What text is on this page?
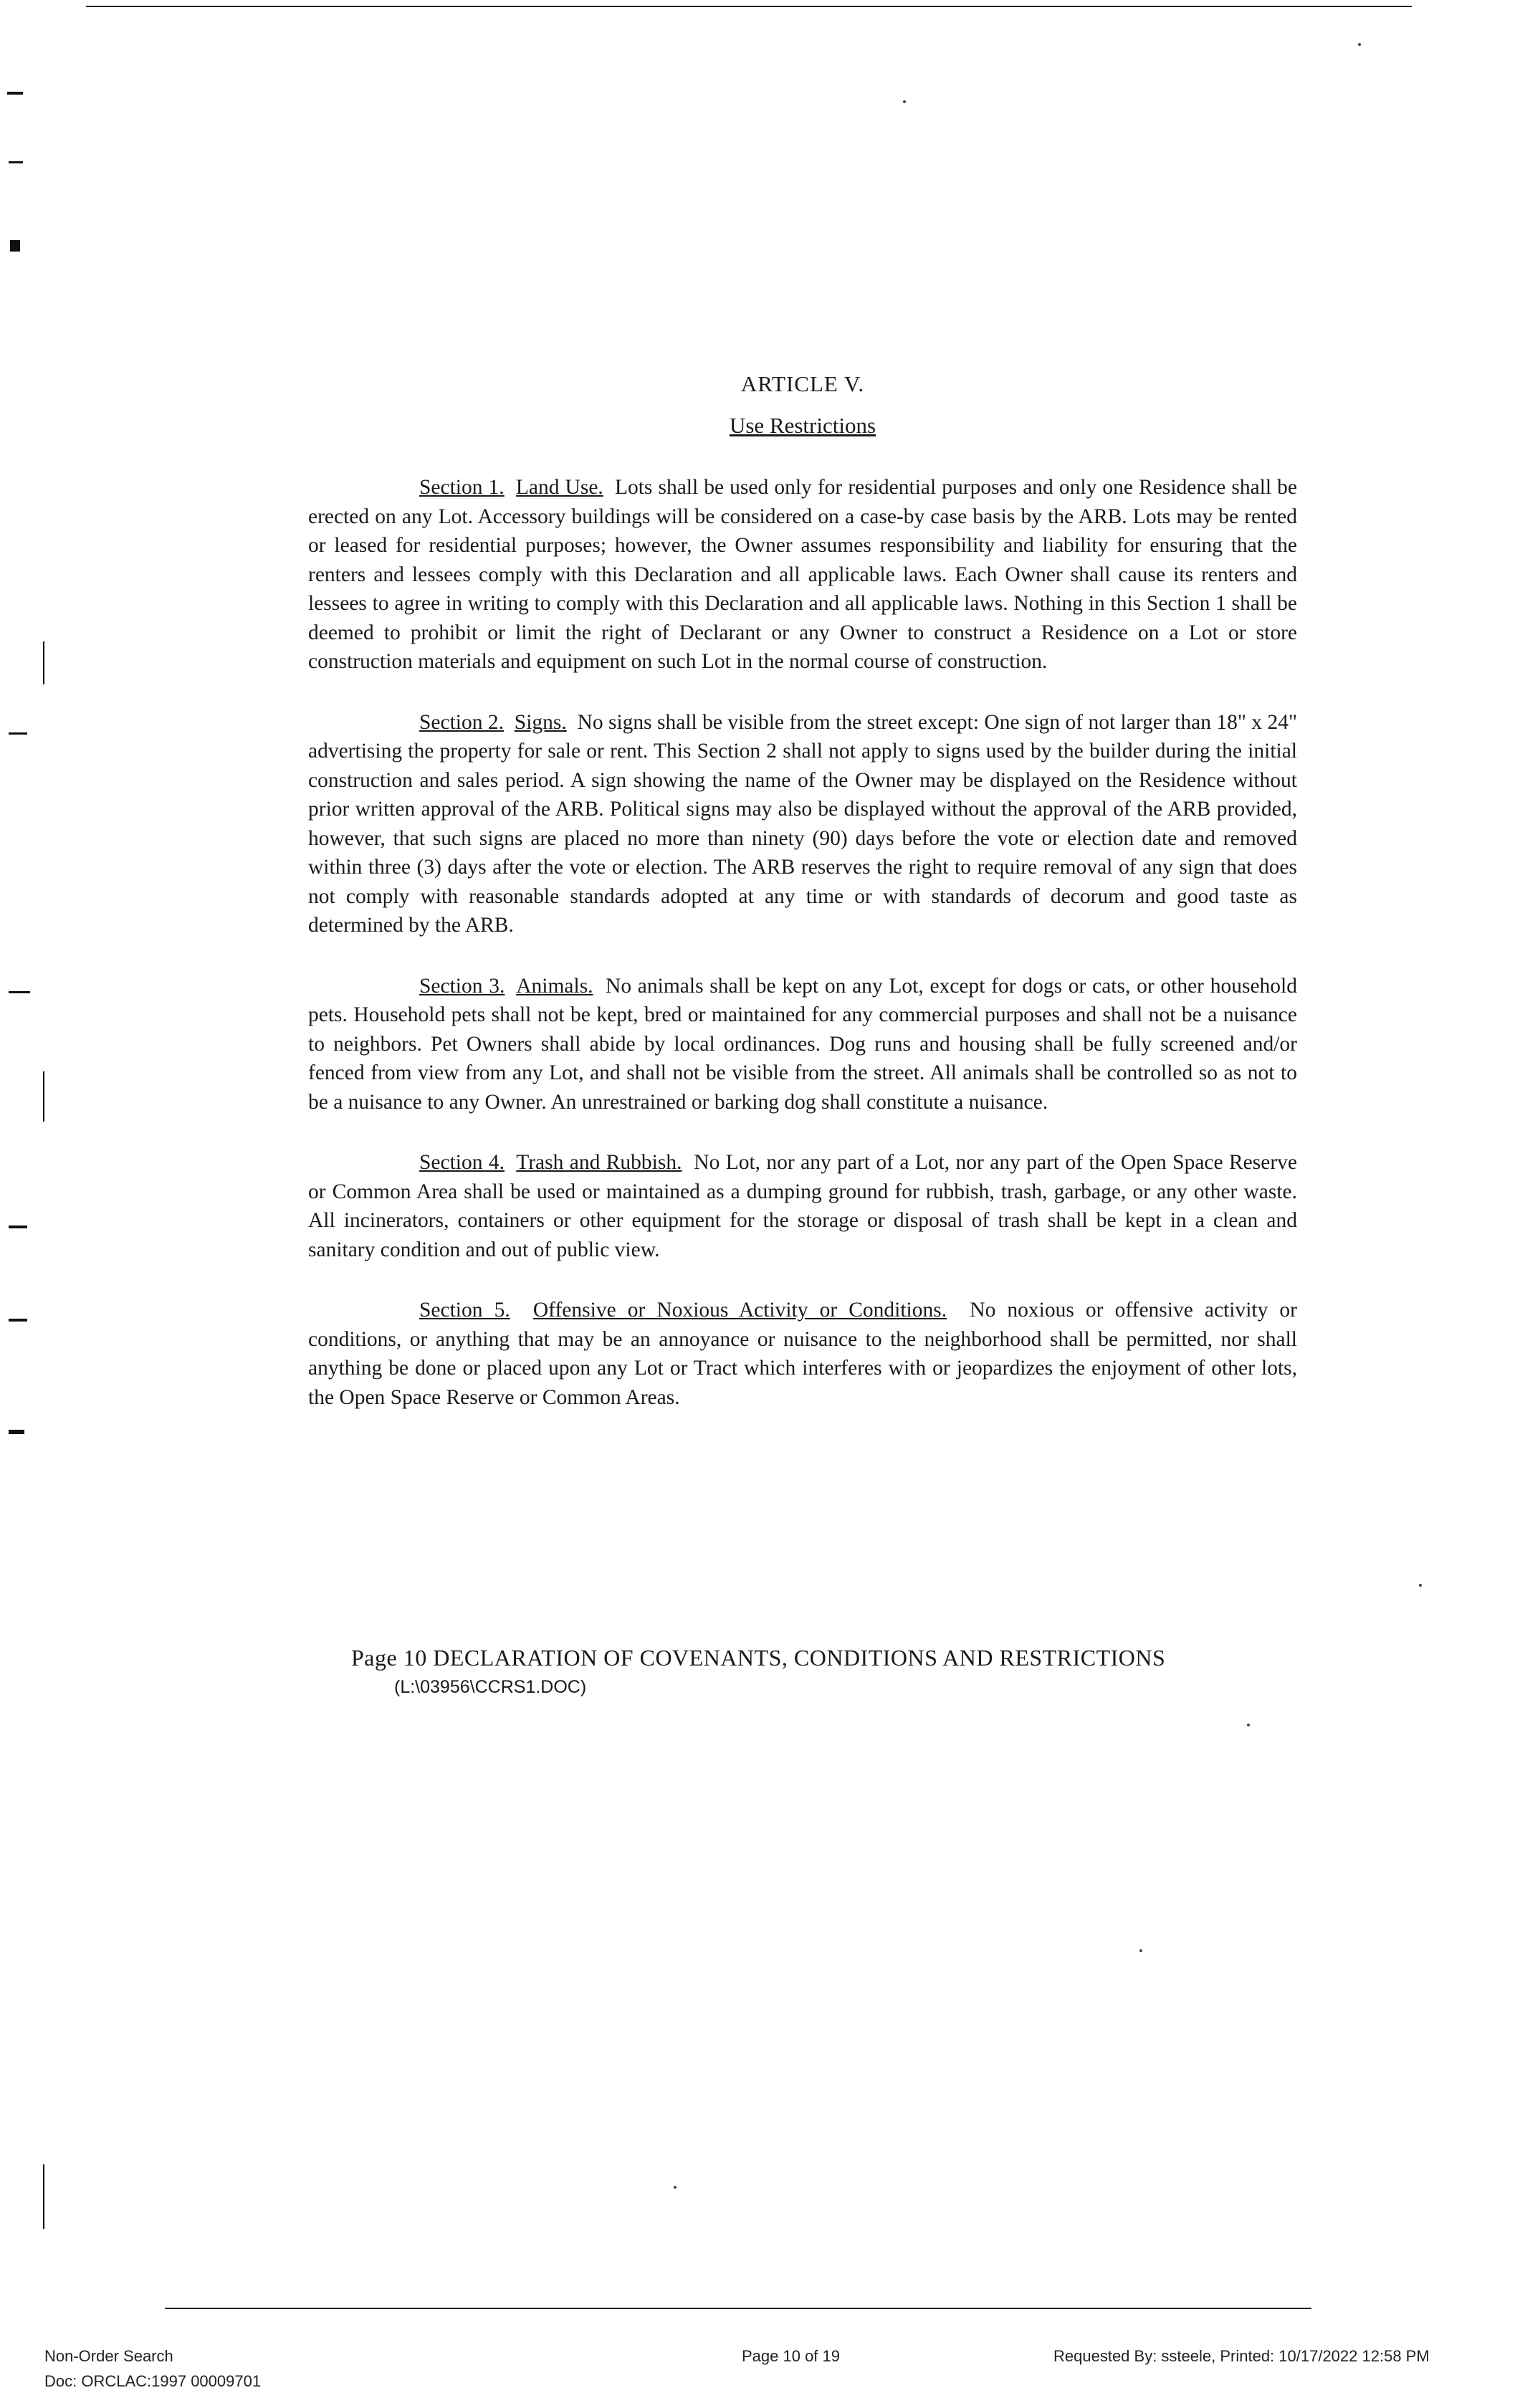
ARTICLE V.
Use Restrictions

Section 1. Land Use. Lots shall be used only for residential purposes and only one Residence shall be erected on any Lot. Accessory buildings will be considered on a case-by case basis by the ARB. Lots may be rented or leased for residential purposes; however, the Owner assumes responsibility and liability for ensuring that the renters and lessees comply with this Declaration and all applicable laws. Each Owner shall cause its renters and lessees to agree in writing to comply with this Declaration and all applicable laws. Nothing in this Section 1 shall be deemed to prohibit or limit the right of Declarant or any Owner to construct a Residence on a Lot or store construction materials and equipment on such Lot in the normal course of construction.

Section 2. Signs. No signs shall be visible from the street except: One sign of not larger than 18" x 24" advertising the property for sale or rent. This Section 2 shall not apply to signs used by the builder during the initial construction and sales period. A sign showing the name of the Owner may be displayed on the Residence without prior written approval of the ARB. Political signs may also be displayed without the approval of the ARB provided, however, that such signs are placed no more than ninety (90) days before the vote or election date and removed within three (3) days after the vote or election. The ARB reserves the right to require removal of any sign that does not comply with reasonable standards adopted at any time or with standards of decorum and good taste as determined by the ARB.

Section 3. Animals. No animals shall be kept on any Lot, except for dogs or cats, or other household pets. Household pets shall not be kept, bred or maintained for any commercial purposes and shall not be a nuisance to neighbors. Pet Owners shall abide by local ordinances. Dog runs and housing shall be fully screened and/or fenced from view from any Lot, and shall not be visible from the street. All animals shall be controlled so as not to be a nuisance to any Owner. An unrestrained or barking dog shall constitute a nuisance.

Section 4. Trash and Rubbish. No Lot, nor any part of a Lot, nor any part of the Open Space Reserve or Common Area shall be used or maintained as a dumping ground for rubbish, trash, garbage, or any other waste. All incinerators, containers or other equipment for the storage or disposal of trash shall be kept in a clean and sanitary condition and out of public view.

Section 5. Offensive or Noxious Activity or Conditions. No noxious or offensive activity or conditions, or anything that may be an annoyance or nuisance to the neighborhood shall be permitted, nor shall anything be done or placed upon any Lot or Tract which interferes with or jeopardizes the enjoyment of other lots, the Open Space Reserve or Common Areas.

Page 10 DECLARATION OF COVENANTS, CONDITIONS AND RESTRICTIONS
(L:\03956\CCRS1.DOC)
Non-Order Search
Doc: ORCLAC:1997 00009701
Page 10 of 19	Requested By: ssteele, Printed: 10/17/2022 12:58 PM
